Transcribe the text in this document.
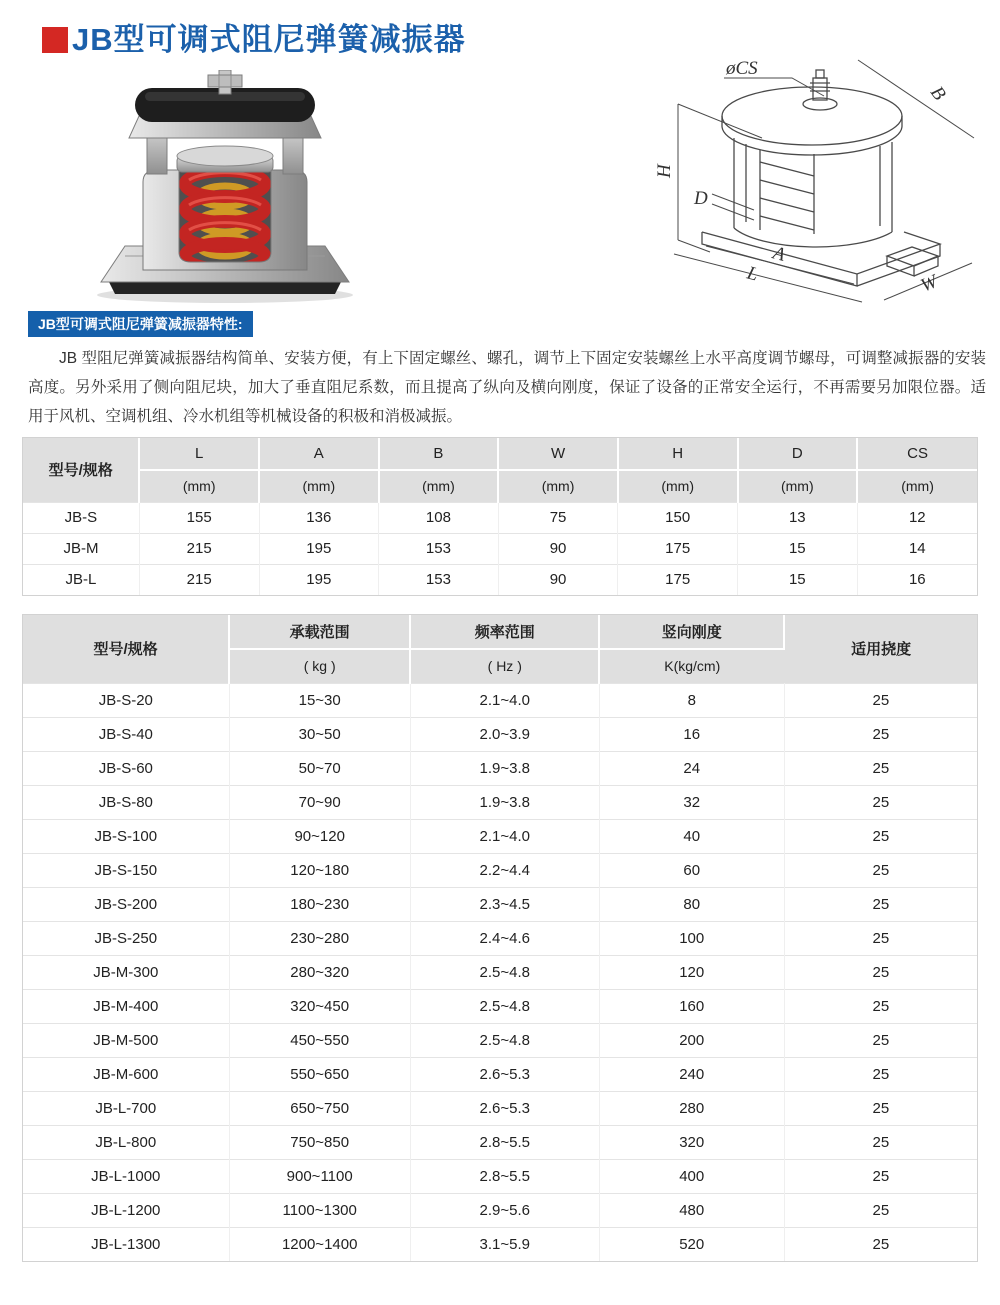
JB型可调式阻尼弹簧减振器
øCS
B
H
D
A
L	W
JB型可调式阻尼弹簧减振器特性:

JB 型阻尼弹簧减振器结构简单、安装方便，有上下固定螺丝、螺孔，调节上下固定安装螺丝上水平高度调节螺母，可调整减振器的安装高度。另外采用了侧向阻尼块，加大了垂直阻尼系数，而且提高了纵向及横向刚度，保证了设备的正常安全运行，不再需要另加限位器。适用于风机、空调机组、冷水机组等机械设备的积极和消极减振。

型号/规格	L	A	B	W	H	D	CS
	(mm)	(mm)	(mm)	(mm)	(mm)	(mm)	(mm)
JB-S	155	136	108	75	150	13	12
JB-M	215	195	153	90	175	15	14
JB-L	215	195	153	90	175	15	16
型号/规格	承载范围	频率范围	竖向刚度	适用挠度
	( kg )	( Hz )	K(kg/cm)	
JB-S-20	15~30	2.1~4.0	8	25
JB-S-40	30~50	2.0~3.9	16	25
JB-S-60	50~70	1.9~3.8	24	25
JB-S-80	70~90	1.9~3.8	32	25
JB-S-100	90~120	2.1~4.0	40	25
JB-S-150	120~180	2.2~4.4	60	25
JB-S-200	180~230	2.3~4.5	80	25
JB-S-250	230~280	2.4~4.6	100	25
JB-M-300	280~320	2.5~4.8	120	25
JB-M-400	320~450	2.5~4.8	160	25
JB-M-500	450~550	2.5~4.8	200	25
JB-M-600	550~650	2.6~5.3	240	25
JB-L-700	650~750	2.6~5.3	280	25
JB-L-800	750~850	2.8~5.5	320	25
JB-L-1000	900~1100	2.8~5.5	400	25
JB-L-1200	1100~1300	2.9~5.6	480	25
JB-L-1300	1200~1400	3.1~5.9	520	25
